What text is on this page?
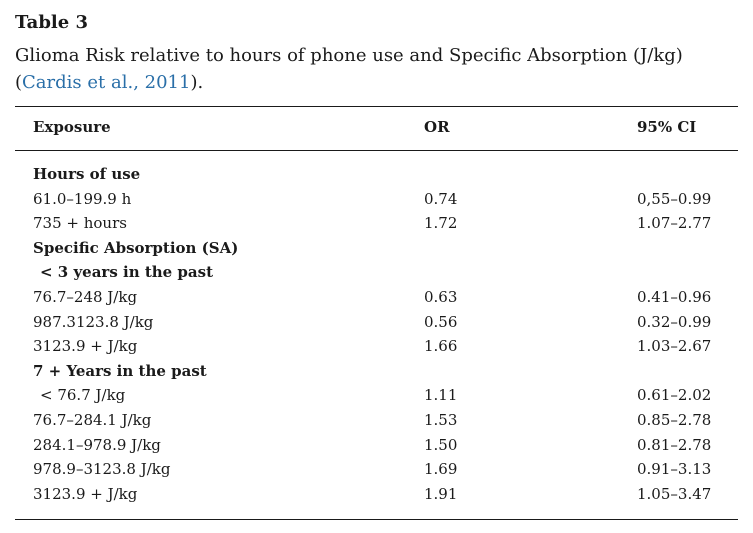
Table 3
Glioma Risk relative to hours of phone use and Specific Absorption (J/kg) (Cardis et al., 2011).
Exposure	OR	95% CI
Hours of use
61.0–199.9 h	0.74	0,55–0.99
735 + hours	1.72	1.07–2.77
Specific Absorption (SA)
< 3 years in the past
76.7–248 J/kg	0.63	0.41–0.96
987.3123.8 J/kg	0.56	0.32–0.99
3123.9 + J/kg	1.66	1.03–2.67
7 + Years in the past
< 76.7 J/kg	1.11	0.61–2.02
76.7–284.1 J/kg	1.53	0.85–2.78
284.1–978.9 J/kg	1.50	0.81–2.78
978.9–3123.8 J/kg	1.69	0.91–3.13
3123.9 + J/kg	1.91	1.05–3.47
